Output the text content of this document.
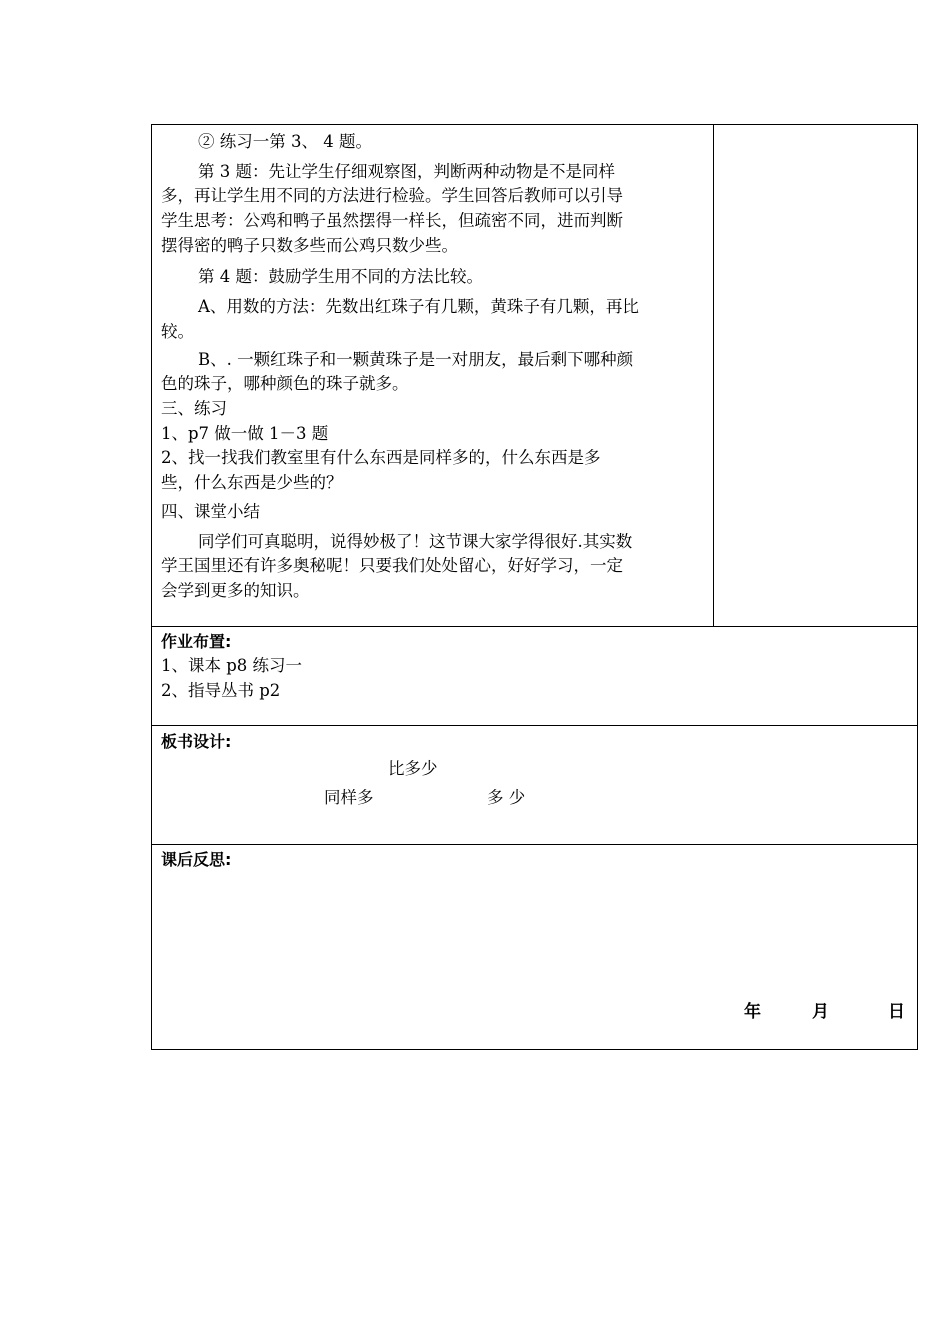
② 练习一第 3、 4 题。
第 3 题：先让学生仔细观察图，判断两种动物是不是同样
多，再让学生用不同的方法进行检验。学生回答后教师可以引导
学生思考：公鸡和鸭子虽然摆得一样长，但疏密不同，进而判断
摆得密的鸭子只数多些而公鸡只数少些。
第 4 题：鼓励学生用不同的方法比较。
A、用数的方法：先数出红珠子有几颗，黄珠子有几颗，再比
较。
B、. 一颗红珠子和一颗黄珠子是一对朋友，最后剩下哪种颜
色的珠子，哪种颜色的珠子就多。
三、练习
1、p7 做一做 1－3 题
2、找一找我们教室里有什么东西是同样多的，什么东西是多
些，什么东西是少些的？
四、课堂小结
同学们可真聪明，说得妙极了！这节课大家学得很好.其实数
学王国里还有许多奥秘呢！只要我们处处留心，好好学习，一定
会学到更多的知识。
作业布置:
1、课本 p8 练习一
2、指导丛书 p2
板书设计:
比多少
同样多	多 少
课后反思:
年	月	日
